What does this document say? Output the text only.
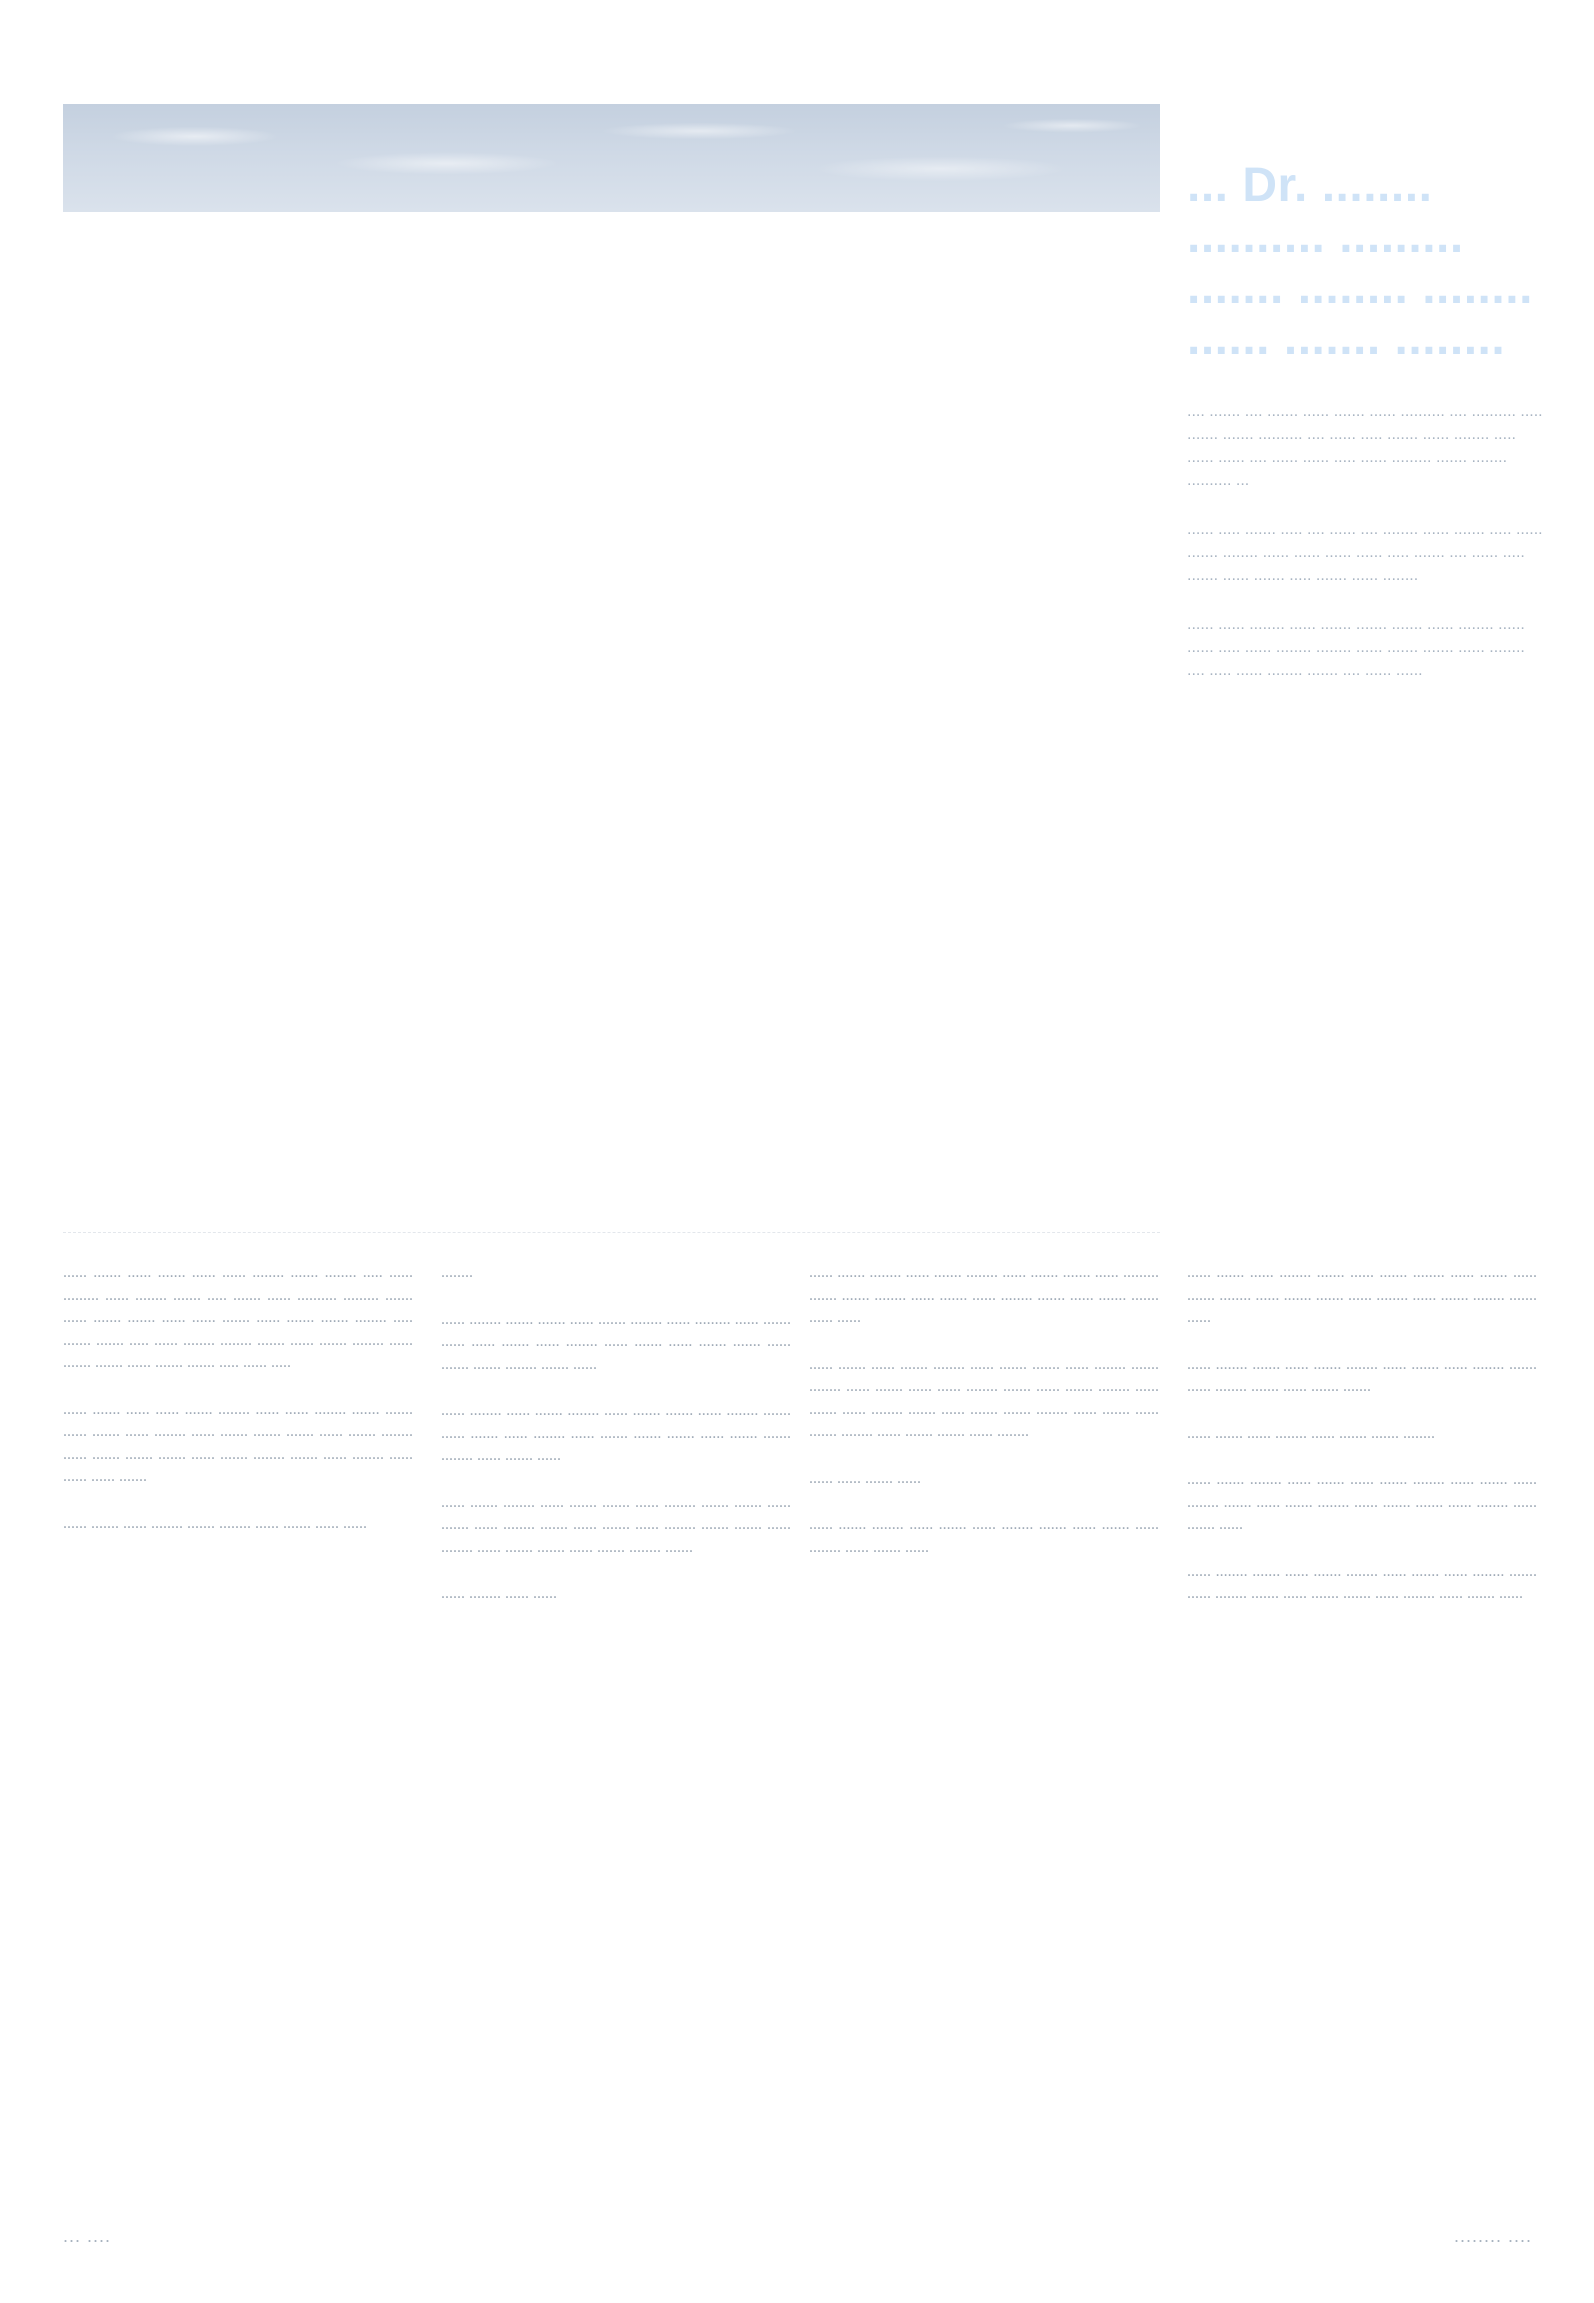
... Dr. ........ .......... ......... ....... ........ ........ ...... ....... ........

.... ....... .... ....... ...... ....... ...... .......... .... .......... ..... ....... ....... .......... .... ...... ..... ....... ...... ........ ..... ...... ...... .... ...... ...... ..... ...... ......... ....... ........ .......... ...

...... ..... ....... ..... .... ...... .... ........ ...... ....... ..... ...... ....... ........ ...... ...... ...... ...... ..... ....... .... ...... ..... ....... ...... ....... ..... ....... ...... ........

...... ...... ........ ...... ....... ....... ....... ...... ........ ...... ...... ..... ...... ........ ........ ...... ....... ....... ...... ........ .... ..... ...... ........ ....... .... ...... ......

...... ....... ...... ....... ...... ...... ........ ....... ........ ..... ...... ......... ...... ........ ....... ..... ....... ...... .......... ......... ....... ...... ....... ....... ...... ...... ....... ...... ....... ....... ........ ..... ....... ....... ..... ...... ........ ........ ....... ...... ....... ........ ...... ....... ....... ...... ....... ....... ..... ...... .....

...... ....... ...... ...... ....... ........ ...... ...... ........ ....... ....... ...... ....... ...... ........ ...... ....... ....... ....... ...... ....... ........ ...... ....... ....... ....... ...... ....... ........ ....... ...... ........ ...... ...... ...... .......

...... ....... ...... ........ ....... ........ ...... ....... ...... ......

........

...... ........ ....... ....... ...... ....... ........ ...... ......... ...... ....... ...... ...... ....... ...... ........ ...... ....... ...... ....... ....... ...... ....... ....... ........ ....... ......

...... ........ ...... ....... ........ ...... ....... ....... ...... ........ ....... ...... ....... ...... ........ ...... ....... ....... ....... ...... ....... ....... ........ ...... ....... ......

...... ....... ........ ...... ....... ....... ...... ........ ....... ....... ...... ....... ...... ........ ....... ...... ....... ...... ........ ....... ....... ...... ........ ...... ....... ....... ...... ....... ........ .......

...... ........ ...... ......

...... ....... ........ ...... ....... ........ ...... ....... ....... ...... ......... ....... ....... ........ ...... ....... ...... ........ ....... ...... ....... ....... ...... ......

...... ....... ...... ....... ........ ...... ....... ....... ...... ........ ....... ........ ...... ....... ...... ...... ........ ....... ...... ....... ........ ...... ....... ...... ........ ....... ...... ....... ....... ........ ...... ....... ...... ....... ........ ...... ....... ....... ...... ........

...... ...... ....... ......

...... ....... ........ ...... ....... ...... ........ ....... ...... ....... ...... ........ ...... ....... ......

...... ....... ...... ........ ....... ...... ....... ........ ...... ....... ...... ....... ........ ...... ....... ....... ...... ........ ...... ....... ........ ....... ......

...... ........ ....... ...... ....... ........ ...... ....... ...... ........ ....... ...... ........ ....... ...... ....... .......

...... ....... ...... ........ ...... ....... ....... ........

...... ....... ........ ...... ....... ...... ....... ........ ...... ....... ...... ........ ....... ...... ....... ........ ...... ....... ....... ...... ........ ...... ....... ......

...... ........ ....... ...... ....... ........ ...... ....... ...... ........ ....... ...... ........ ....... ...... ....... ....... ...... ........ ...... ....... ......

... ....	........ ....
